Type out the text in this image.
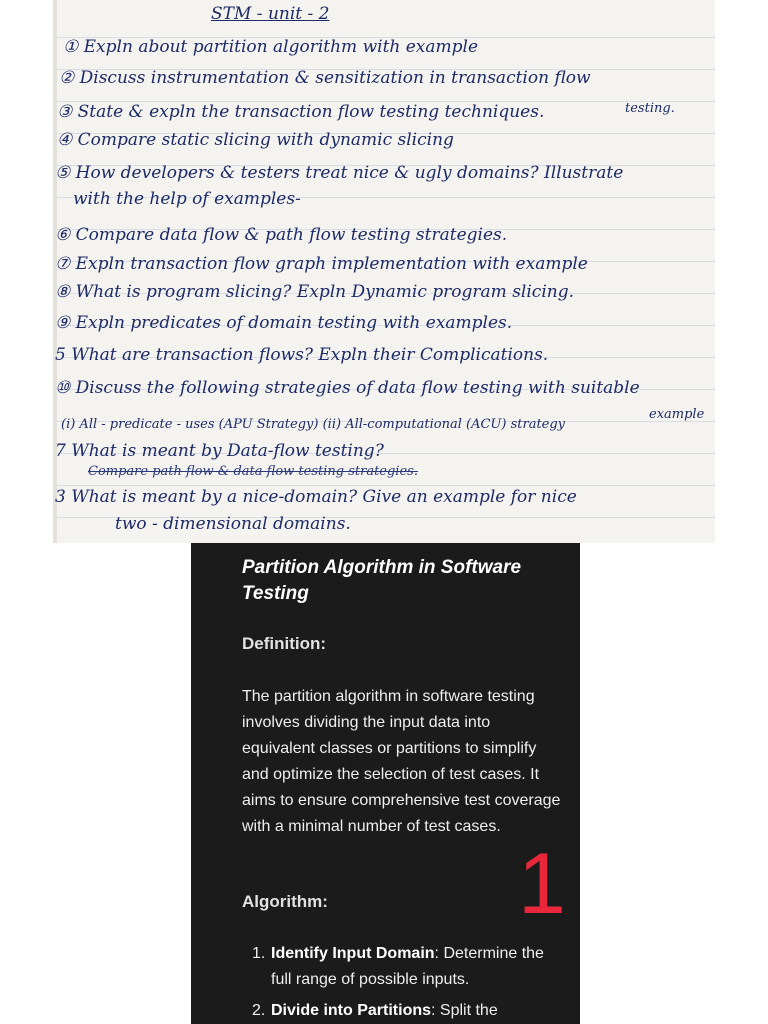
STM - unit - 2
① Expln about partition algorithm with example
② Discuss instrumentation & sensitization in transaction flow
testing.
③ State & expln the transaction flow testing techniques.
④ Compare static slicing with dynamic slicing
⑤ How developers & testers treat nice & ugly domains? Illustrate
with the help of examples-
⑥ Compare data flow & path flow testing strategies.
⑦ Expln transaction flow graph implementation with example
⑧ What is program slicing? Expln Dynamic program slicing.
⑨ Expln predicates of domain testing with examples.
5 What are transaction flows? Expln their Complications.
⑩ Discuss the following strategies of data flow testing with suitable
example
(i) All - predicate - uses (APU Strategy) (ii) All-computational (ACU) strategy
7 What is meant by Data-flow testing?
Compare path flow & data flow testing strategies.
3 What is meant by a nice-domain? Give an example for nice
two - dimensional domains.
Partition Algorithm in Software Testing
Definition:
The partition algorithm in software testing involves dividing the input data into equivalent classes or partitions to simplify and optimize the selection of test cases. It aims to ensure comprehensive test coverage with a minimal number of test cases.
1
Algorithm:
1. Identify Input Domain: Determine the full range of possible inputs.
2. Divide into Partitions: Split the
